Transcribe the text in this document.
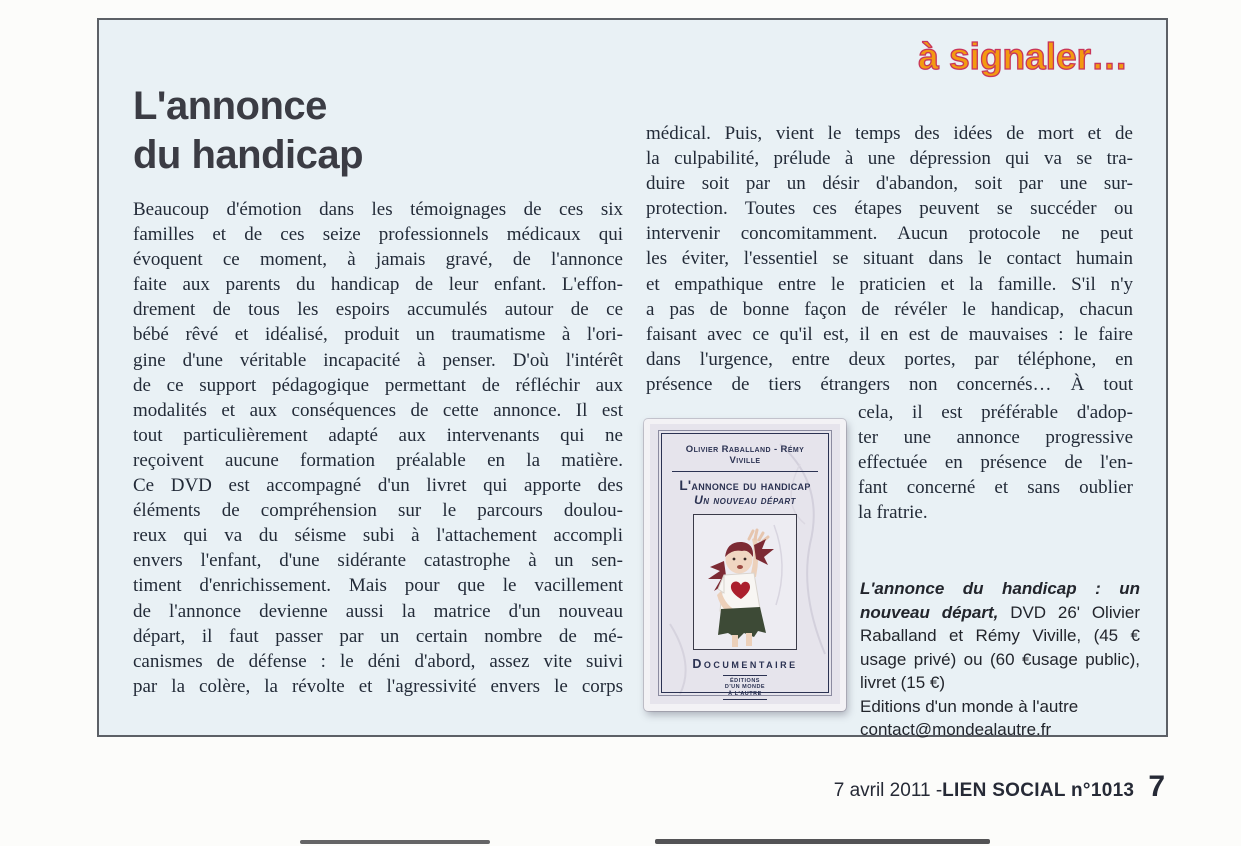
à signaler…
L'annonce
du handicap
Beaucoup d'émotion dans les témoignages de ces six
familles et de ces seize professionnels médicaux qui
évoquent ce moment, à jamais gravé, de l'annonce
faite aux parents du handicap de leur enfant. L'effon-
drement de tous les espoirs accumulés autour de ce
bébé rêvé et idéalisé, produit un traumatisme à l'ori-
gine d'une véritable incapacité à penser. D'où l'intérêt
de ce support pédagogique permettant de réfléchir aux
modalités et aux conséquences de cette annonce. Il est
tout particulièrement adapté aux intervenants qui ne
reçoivent aucune formation préalable en la matière.
Ce DVD est accompagné d'un livret qui apporte des
éléments de compréhension sur le parcours doulou-
reux qui va du séisme subi à l'attachement accompli
envers l'enfant, d'une sidérante catastrophe à un sen-
timent d'enrichissement. Mais pour que le vacillement
de l'annonce devienne aussi la matrice d'un nouveau
départ, il faut passer par un certain nombre de mé-
canismes de défense : le déni d'abord, assez vite suivi
par la colère, la révolte et l'agressivité envers le corps
médical. Puis, vient le temps des idées de mort et de
la culpabilité, prélude à une dépression qui va se tra-
duire soit par un désir d'abandon, soit par une sur-
protection. Toutes ces étapes peuvent se succéder ou
intervenir concomitamment. Aucun protocole ne peut
les éviter, l'essentiel se situant dans le contact humain
et empathique entre le praticien et la famille. S'il n'y
a pas de bonne façon de révéler le handicap, chacun
faisant avec ce qu'il est, il en est de mauvaises : le faire
dans l'urgence, entre deux portes, par téléphone, en
présence de tiers étrangers non concernés… À tout
cela, il est préférable d'adop-
ter une annonce progressive
effectuée en présence de l'en-
fant concerné et sans oublier
la fratrie.
Olivier Raballand - Rémy Viville
L'annonce du handicap
Un nouveau départ
Documentaire
ÉDITIONS
D'UN MONDE
À L'AUTRE
L'annonce du handicap : un nouveau départ, DVD 26' Olivier Raballand et Rémy Viville, (45 € usage privé) ou (60 €usage public), livret (15 €)
Editions d'un monde à l'autre
contact@mondealautre.fr
7 avril 2011 - LIEN SOCIAL n°1013 7
